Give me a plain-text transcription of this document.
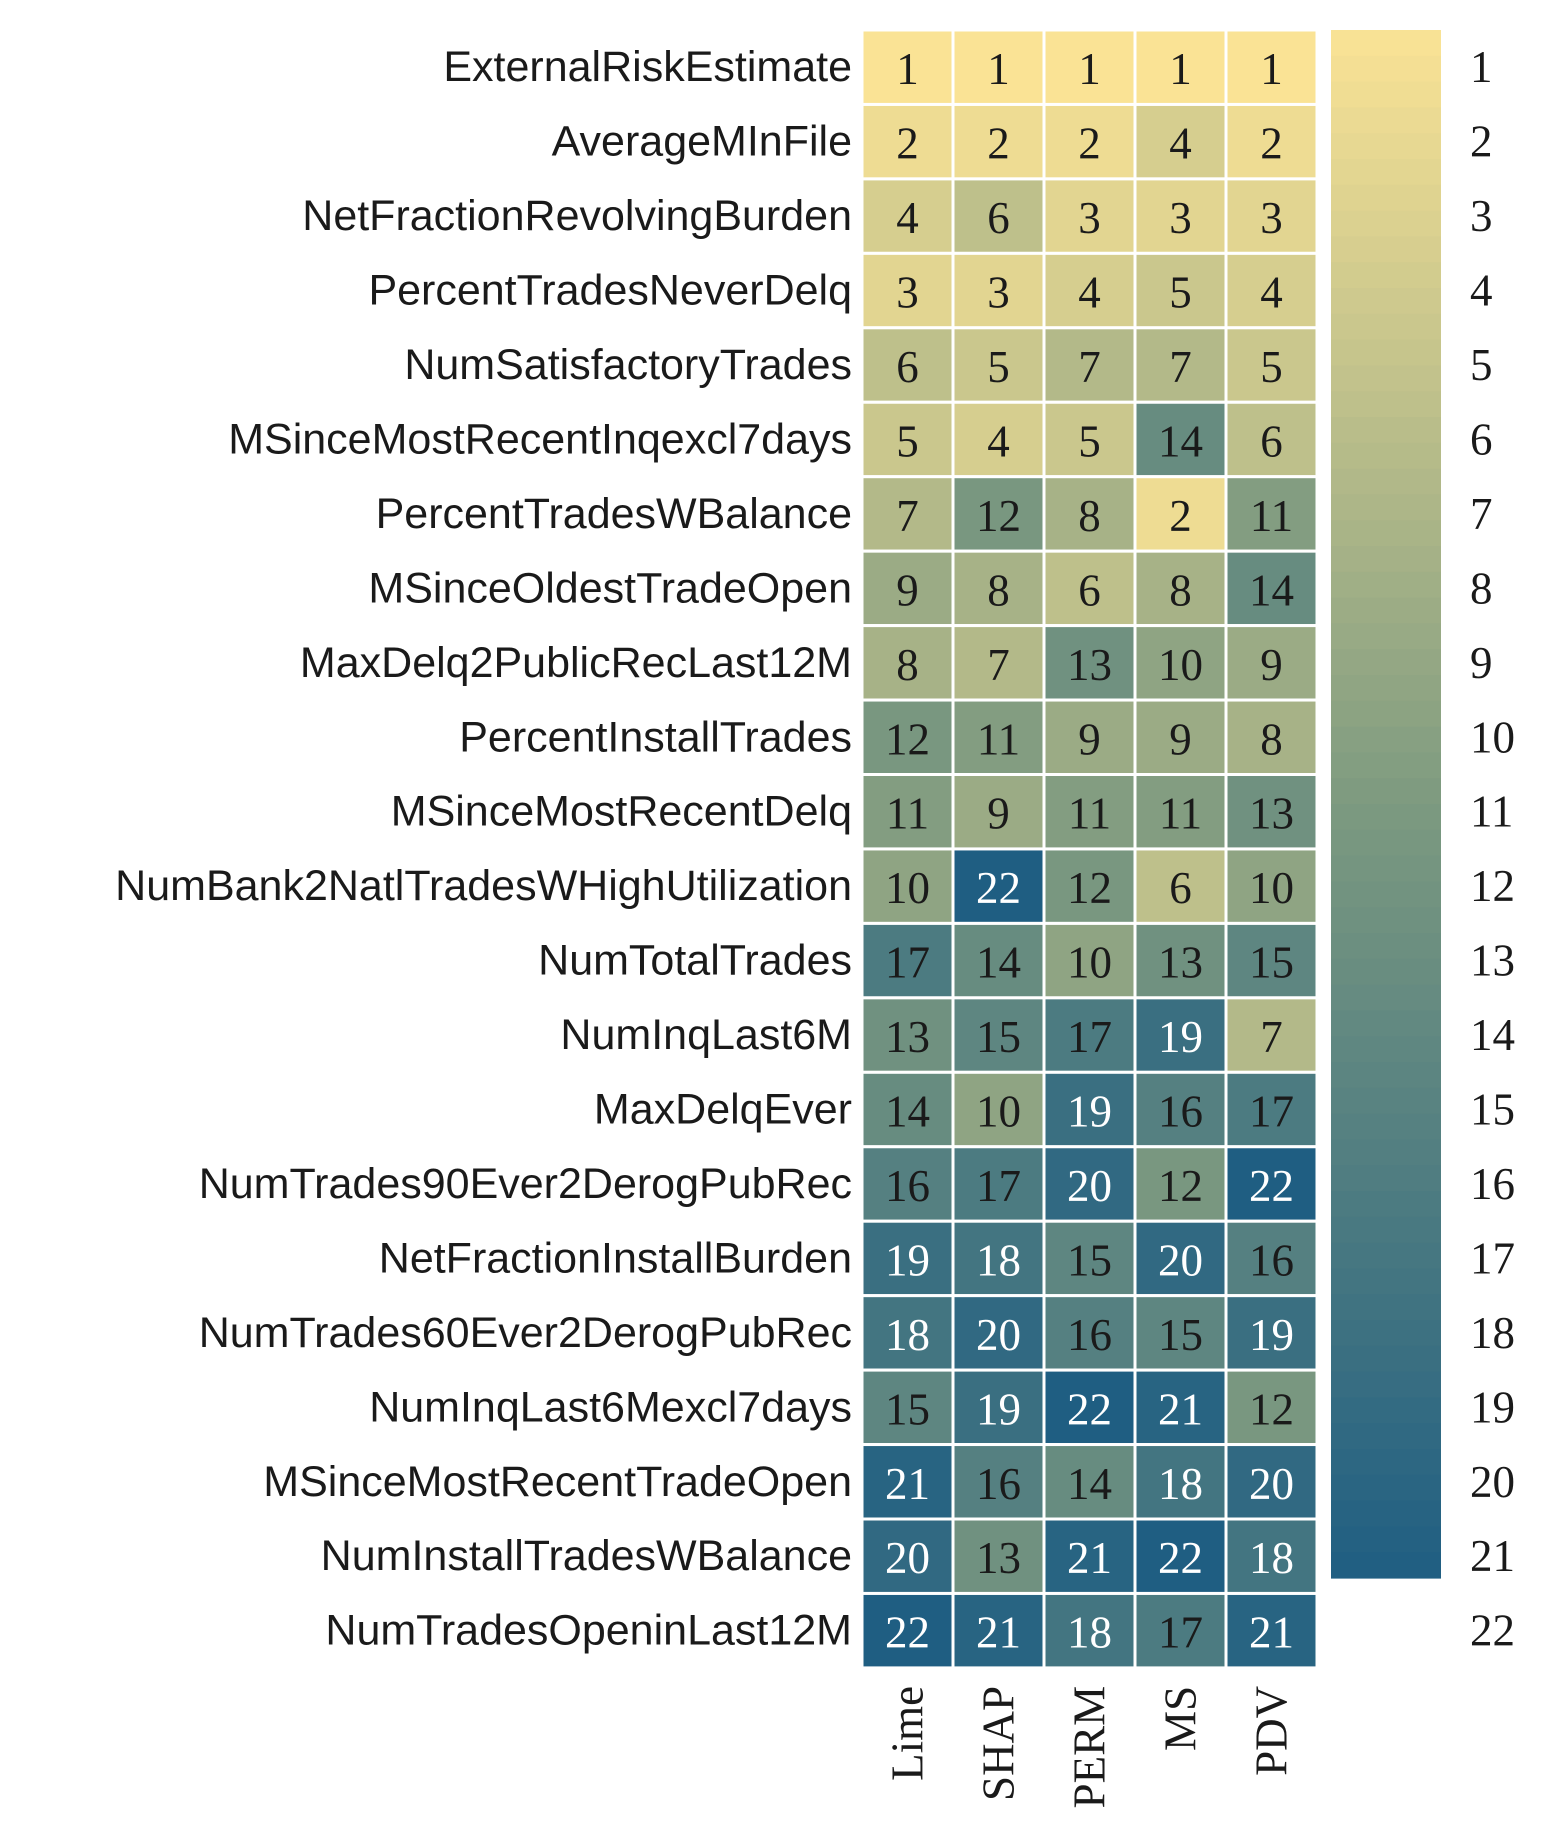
ExternalRiskEstimate
AverageMInFile
NetFractionRevolvingBurden
PercentTradesNeverDelq
NumSatisfactoryTrades
MSinceMostRecentInqexcl7days
PercentTradesWBalance
MSinceOldestTradeOpen
MaxDelq2PublicRecLast12M
PercentInstallTrades
MSinceMostRecentDelq
NumBank2NatlTradesWHighUtilization
NumTotalTrades
NumInqLast6M
MaxDelqEver
NumTrades90Ever2DerogPubRec
NetFractionInstallBurden
NumTrades60Ever2DerogPubRec
NumInqLast6Mexcl7days
MSinceMostRecentTradeOpen
NumInstallTradesWBalance
NumTradesOpeninLast12M
1 1 1 1 1
2 2 2 4 2
4 6 3 3 3
3 3 4 5 4
6 5 7 7 5
5 4 5 14 6
7 12 8 2 11
9 8 6 8 14
8 7 13 10 9
12 11 9 9 8
11 9 11 11 13
10 22 12 6 10
17 14 10 13 15
13 15 17 19 7
14 10 19 16 17
16 17 20 12 22
19 18 15 20 16
18 20 16 15 19
15 19 22 21 12
21 16 14 18 20
20 13 21 22 18
22 21 18 17 21
Lime SHAP PERM MS PDV
1
2
3
4
5
6
7
8
9
10
11
12
13
14
15
16
17
18
19
20
21
22
